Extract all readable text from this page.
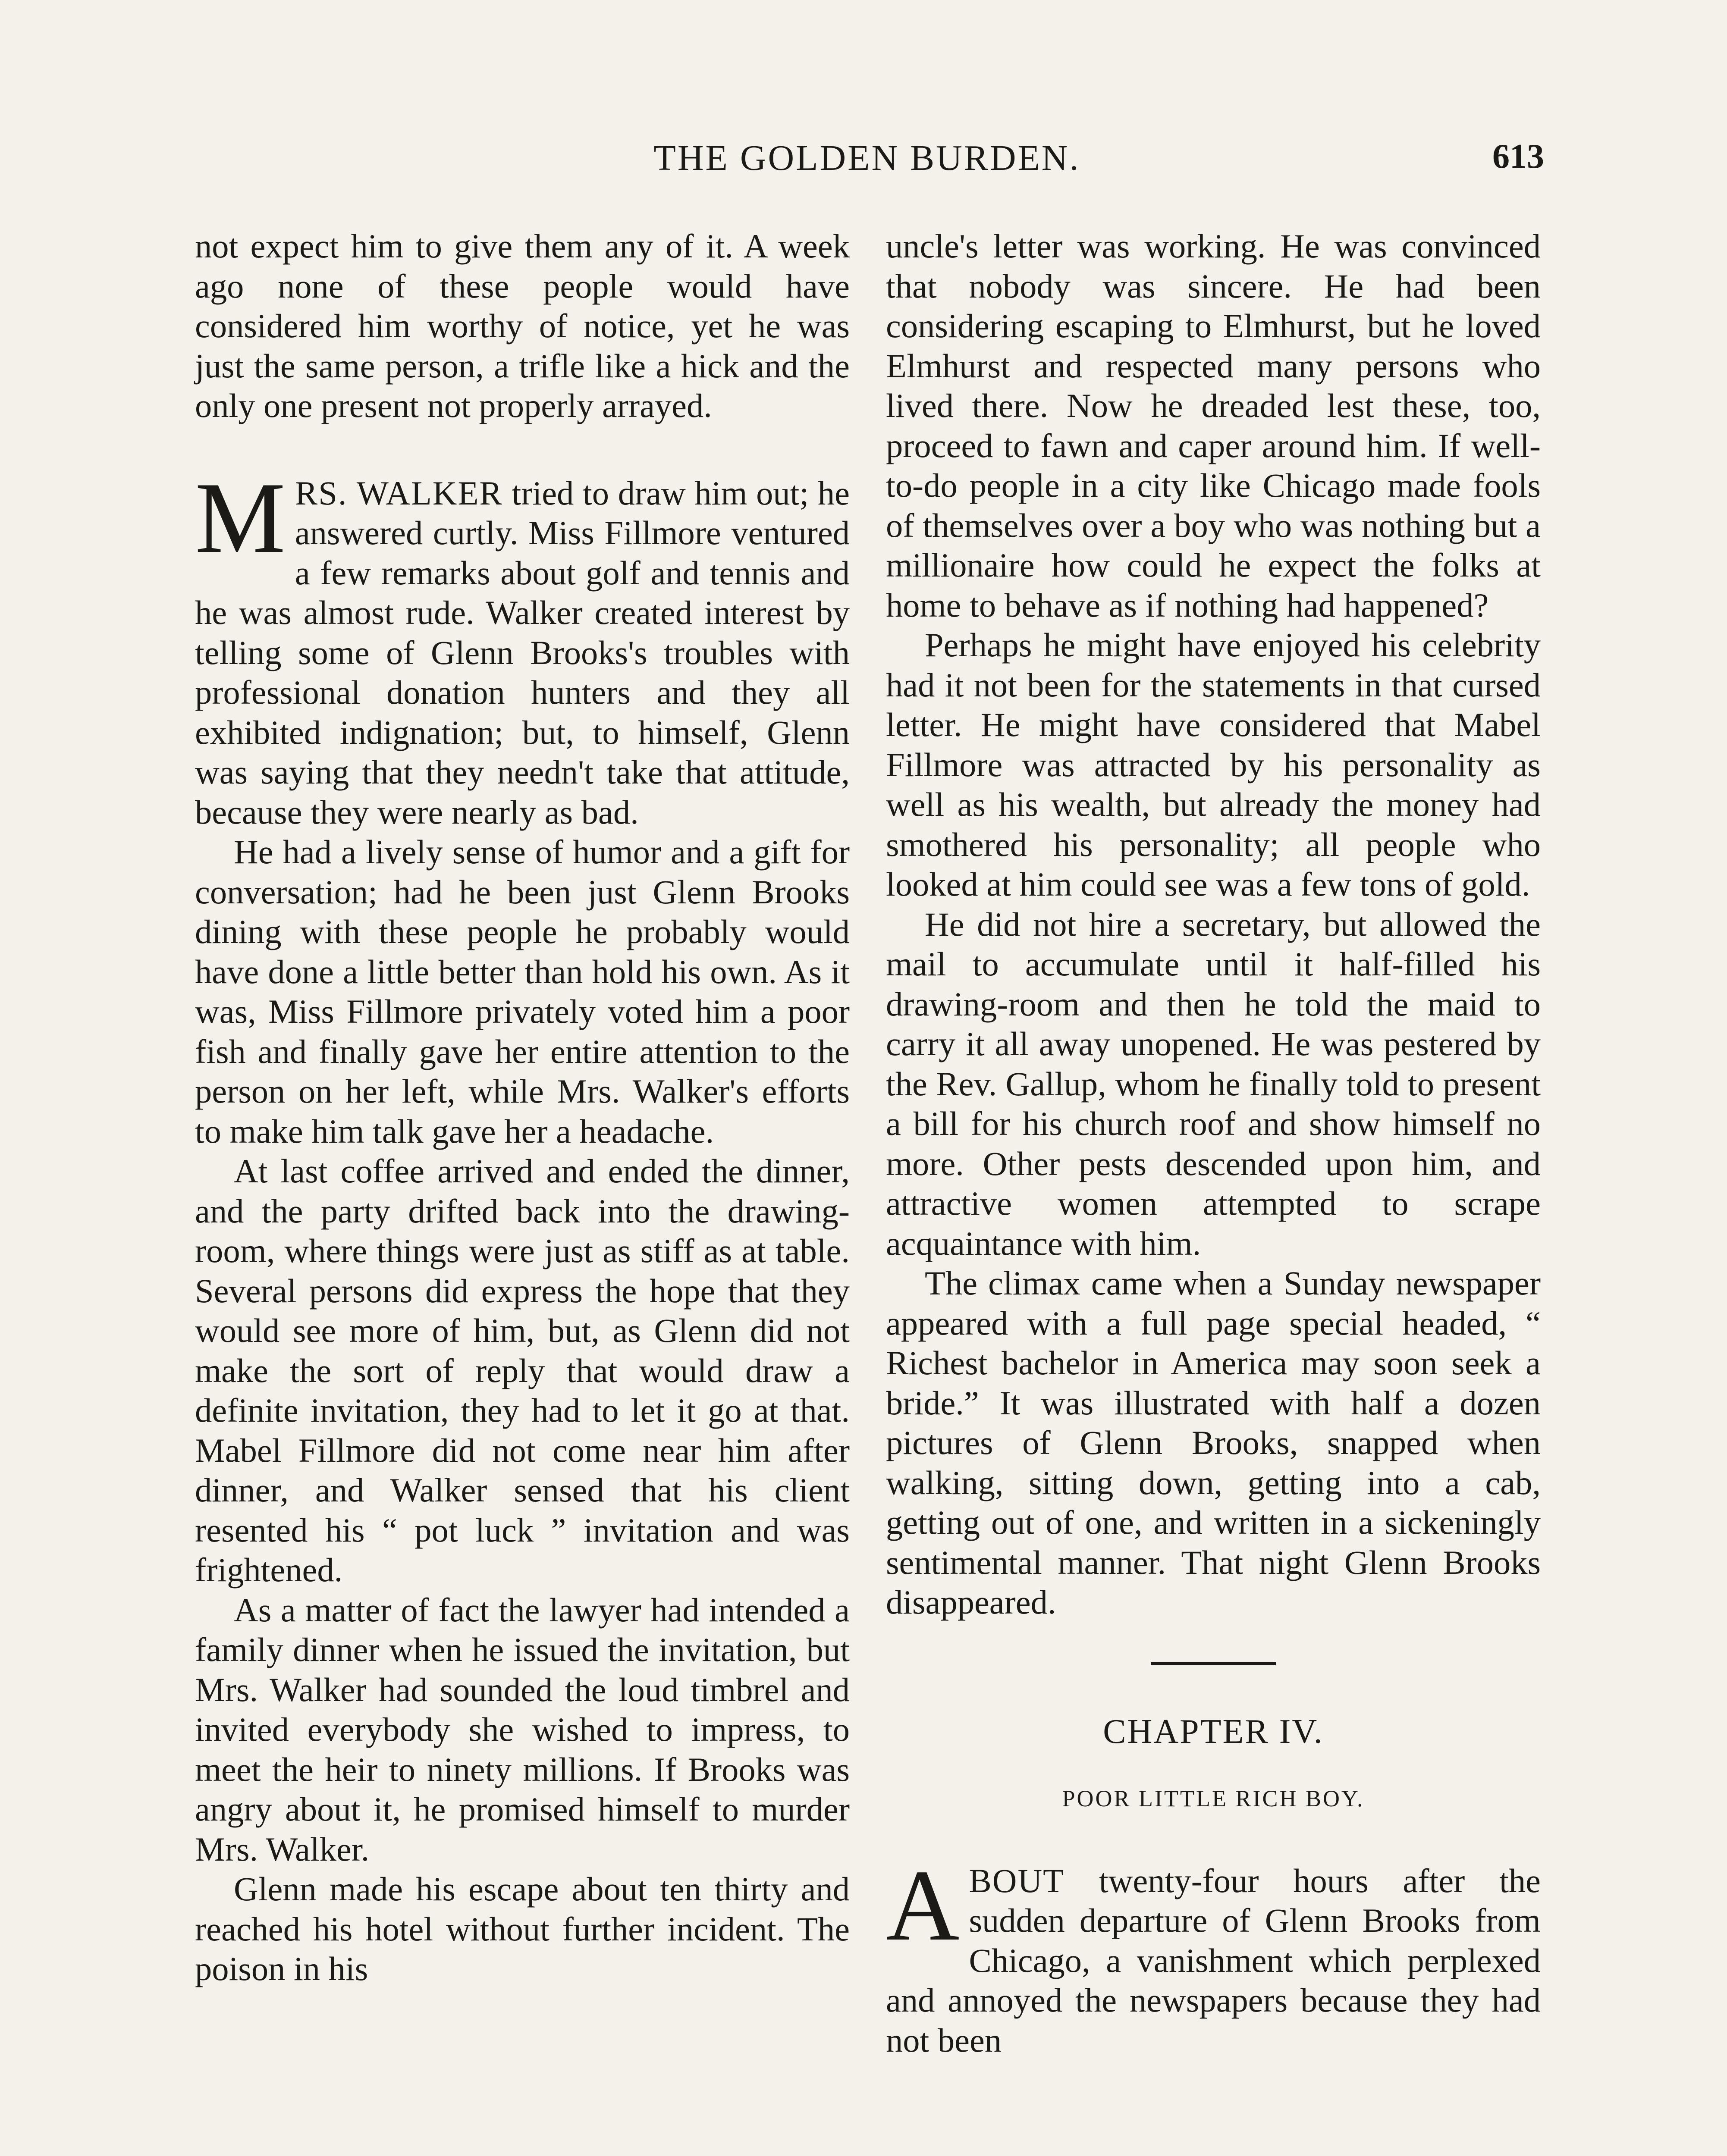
THE GOLDEN BURDEN.	613

not expect him to give them any of it. A week ago none of these people would have considered him worthy of notice, yet he was just the same person, a trifle like a hick and the only one present not properly arrayed.

MRS. WALKER tried to draw him out; he answered curtly. Miss Fillmore ventured a few remarks about golf and tennis and he was almost rude. Walker created interest by telling some of Glenn Brooks's troubles with professional donation hunters and they all exhibited indignation; but, to himself, Glenn was saying that they needn't take that attitude, because they were nearly as bad.

He had a lively sense of humor and a gift for conversation; had he been just Glenn Brooks dining with these people he probably would have done a little better than hold his own. As it was, Miss Fillmore privately voted him a poor fish and finally gave her entire attention to the person on her left, while Mrs. Walker's efforts to make him talk gave her a headache.

At last coffee arrived and ended the dinner, and the party drifted back into the drawing-room, where things were just as stiff as at table. Several persons did express the hope that they would see more of him, but, as Glenn did not make the sort of reply that would draw a definite invitation, they had to let it go at that. Mabel Fillmore did not come near him after dinner, and Walker sensed that his client resented his “ pot luck ” invitation and was frightened.

As a matter of fact the lawyer had intended a family dinner when he issued the invitation, but Mrs. Walker had sounded the loud timbrel and invited everybody she wished to impress, to meet the heir to ninety millions. If Brooks was angry about it, he promised himself to murder Mrs. Walker.

Glenn made his escape about ten thirty and reached his hotel without further incident. The poison in his

uncle's letter was working. He was convinced that nobody was sincere. He had been considering escaping to Elmhurst, but he loved Elmhurst and respected many persons who lived there. Now he dreaded lest these, too, proceed to fawn and caper around him. If well-to-do people in a city like Chicago made fools of themselves over a boy who was nothing but a millionaire how could he expect the folks at home to behave as if nothing had happened?

Perhaps he might have enjoyed his celebrity had it not been for the statements in that cursed letter. He might have considered that Mabel Fillmore was attracted by his personality as well as his wealth, but already the money had smothered his personality; all people who looked at him could see was a few tons of gold.

He did not hire a secretary, but allowed the mail to accumulate until it half-filled his drawing-room and then he told the maid to carry it all away unopened. He was pestered by the Rev. Gallup, whom he finally told to present a bill for his church roof and show himself no more. Other pests descended upon him, and attractive women attempted to scrape acquaintance with him.

The climax came when a Sunday newspaper appeared with a full page special headed, “ Richest bachelor in America may soon seek a bride.” It was illustrated with half a dozen pictures of Glenn Brooks, snapped when walking, sitting down, getting into a cab, getting out of one, and written in a sickeningly sentimental manner. That night Glenn Brooks disappeared.

CHAPTER IV.
POOR LITTLE RICH BOY.

ABOUT twenty-four hours after the sudden departure of Glenn Brooks from Chicago, a vanishment which perplexed and annoyed the newspapers because they had not been
